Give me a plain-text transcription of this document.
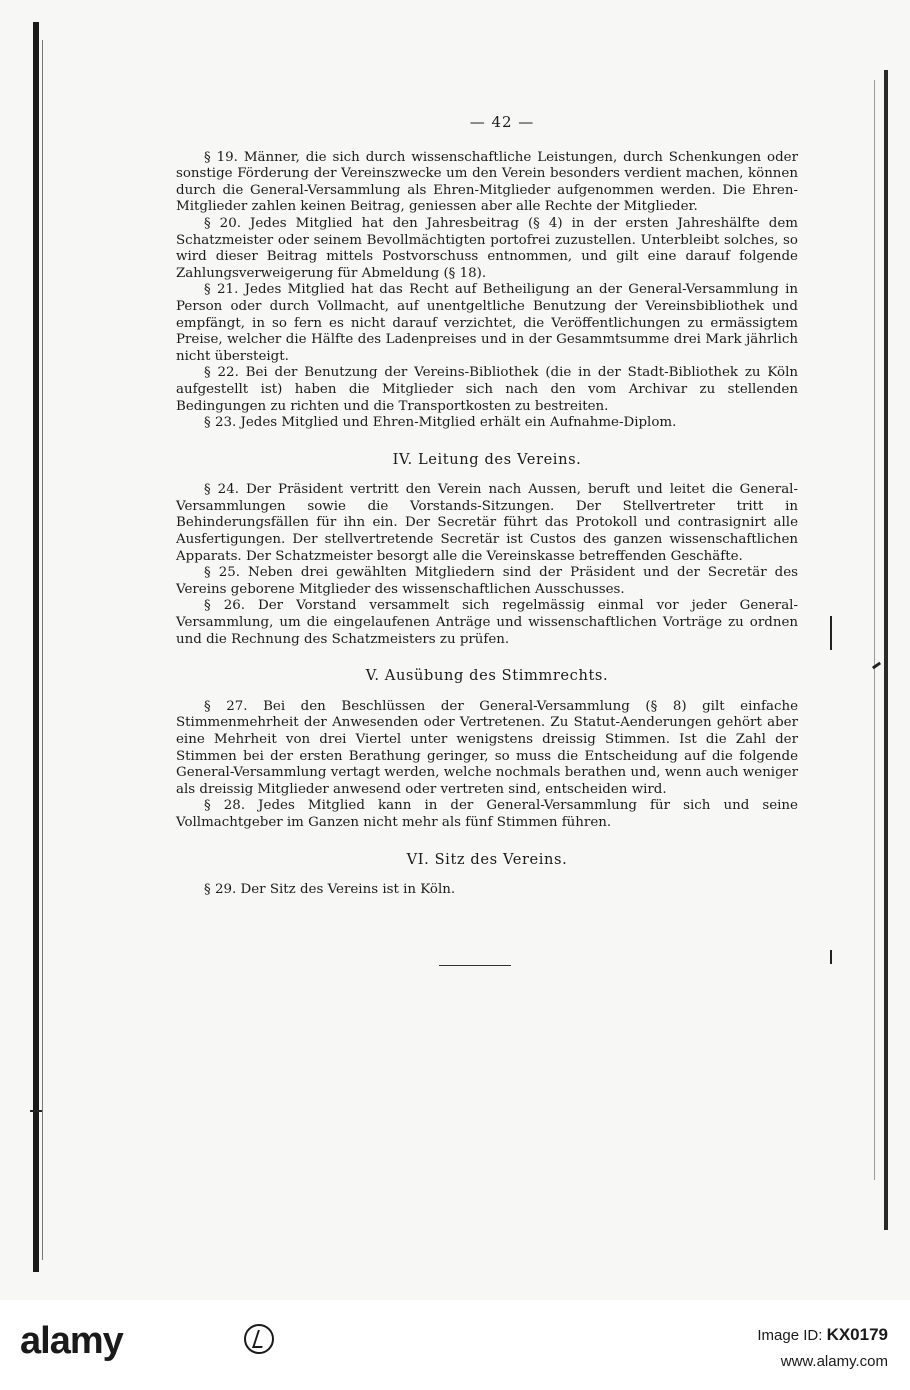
— 42 —

§ 19. Männer, die sich durch wissenschaftliche Leistungen, durch Schenkungen oder sonstige Förderung der Vereinszwecke um den Verein besonders verdient machen, können durch die General-Versammlung als Ehren-Mitglieder aufgenommen werden. Die Ehren-Mitglieder zahlen keinen Beitrag, geniessen aber alle Rechte der Mitglieder.

§ 20. Jedes Mitglied hat den Jahresbeitrag (§ 4) in der ersten Jahreshälfte dem Schatzmeister oder seinem Bevollmächtigten portofrei zuzustellen. Unterbleibt solches, so wird dieser Beitrag mittels Postvorschuss entnommen, und gilt eine darauf folgende Zahlungsverweigerung für Abmeldung (§ 18).

§ 21. Jedes Mitglied hat das Recht auf Betheiligung an der General-Versammlung in Person oder durch Vollmacht, auf unentgeltliche Benutzung der Vereinsbibliothek und empfängt, in so fern es nicht darauf verzichtet, die Veröffentlichungen zu ermässigtem Preise, welcher die Hälfte des Ladenpreises und in der Gesammtsumme drei Mark jährlich nicht übersteigt.

§ 22. Bei der Benutzung der Vereins-Bibliothek (die in der Stadt-Bibliothek zu Köln aufgestellt ist) haben die Mitglieder sich nach den vom Archivar zu stellenden Bedingungen zu richten und die Transportkosten zu bestreiten.

§ 23. Jedes Mitglied und Ehren-Mitglied erhält ein Aufnahme-Diplom.

IV. Leitung des Vereins.

§ 24. Der Präsident vertritt den Verein nach Aussen, beruft und leitet die General-Versammlungen sowie die Vorstands-Sitzungen. Der Stellvertreter tritt in Behinderungsfällen für ihn ein. Der Secretär führt das Protokoll und contrasignirt alle Ausfertigungen. Der stellvertretende Secretär ist Custos des ganzen wissenschaftlichen Apparats. Der Schatzmeister besorgt alle die Vereinskasse betreffenden Geschäfte.

§ 25. Neben drei gewählten Mitgliedern sind der Präsident und der Secretär des Vereins geborene Mitglieder des wissenschaftlichen Ausschusses.

§ 26. Der Vorstand versammelt sich regelmässig einmal vor jeder General-Versammlung, um die eingelaufenen Anträge und wissenschaftlichen Vorträge zu ordnen und die Rechnung des Schatzmeisters zu prüfen.

V. Ausübung des Stimmrechts.

§ 27. Bei den Beschlüssen der General-Versammlung (§ 8) gilt einfache Stimmenmehrheit der Anwesenden oder Vertretenen. Zu Statut-Aenderungen gehört aber eine Mehrheit von drei Viertel unter wenigstens dreissig Stimmen. Ist die Zahl der Stimmen bei der ersten Berathung geringer, so muss die Entscheidung auf die folgende General-Versammlung vertagt werden, welche nochmals berathen und, wenn auch weniger als dreissig Mitglieder anwesend oder vertreten sind, entscheiden wird.

§ 28. Jedes Mitglied kann in der General-Versammlung für sich und seine Vollmachtgeber im Ganzen nicht mehr als fünf Stimmen führen.

VI. Sitz des Vereins.

§ 29. Der Sitz des Vereins ist in Köln.

alamy	Image ID: KX0179
www.alamy.com
